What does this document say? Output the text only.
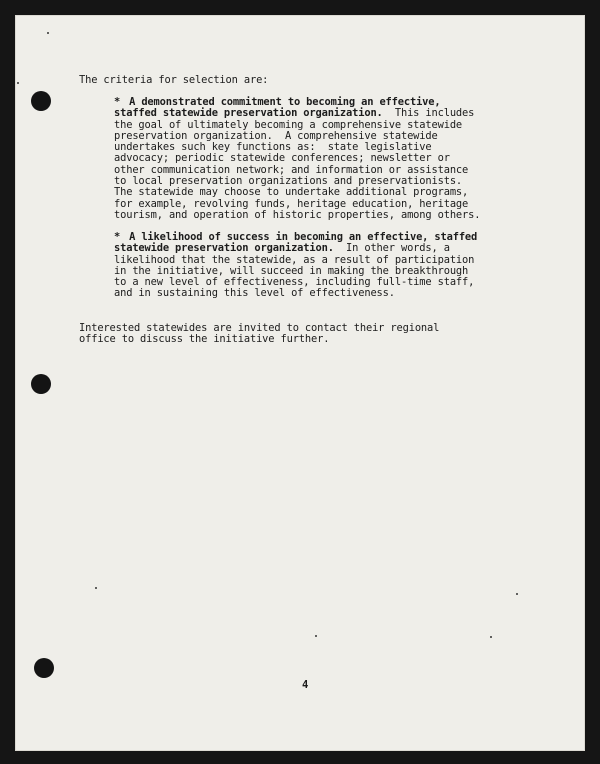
The criteria for selection are:
* A demonstrated commitment to becoming an effective,
staffed statewide preservation organization.  This includes
the goal of ultimately becoming a comprehensive statewide
preservation organization.  A comprehensive statewide
undertakes such key functions as:  state legislative
advocacy; periodic statewide conferences; newsletter or
other communication network; and information or assistance
to local preservation organizations and preservationists.
The statewide may choose to undertake additional programs,
for example, revolving funds, heritage education, heritage
tourism, and operation of historic properties, among others.
* A likelihood of success in becoming an effective, staffed
statewide preservation organization.  In other words, a
likelihood that the statewide, as a result of participation
in the initiative, will succeed in making the breakthrough
to a new level of effectiveness, including full-time staff,
and in sustaining this level of effectiveness.
Interested statewides are invited to contact their regional
office to discuss the initiative further.
4
